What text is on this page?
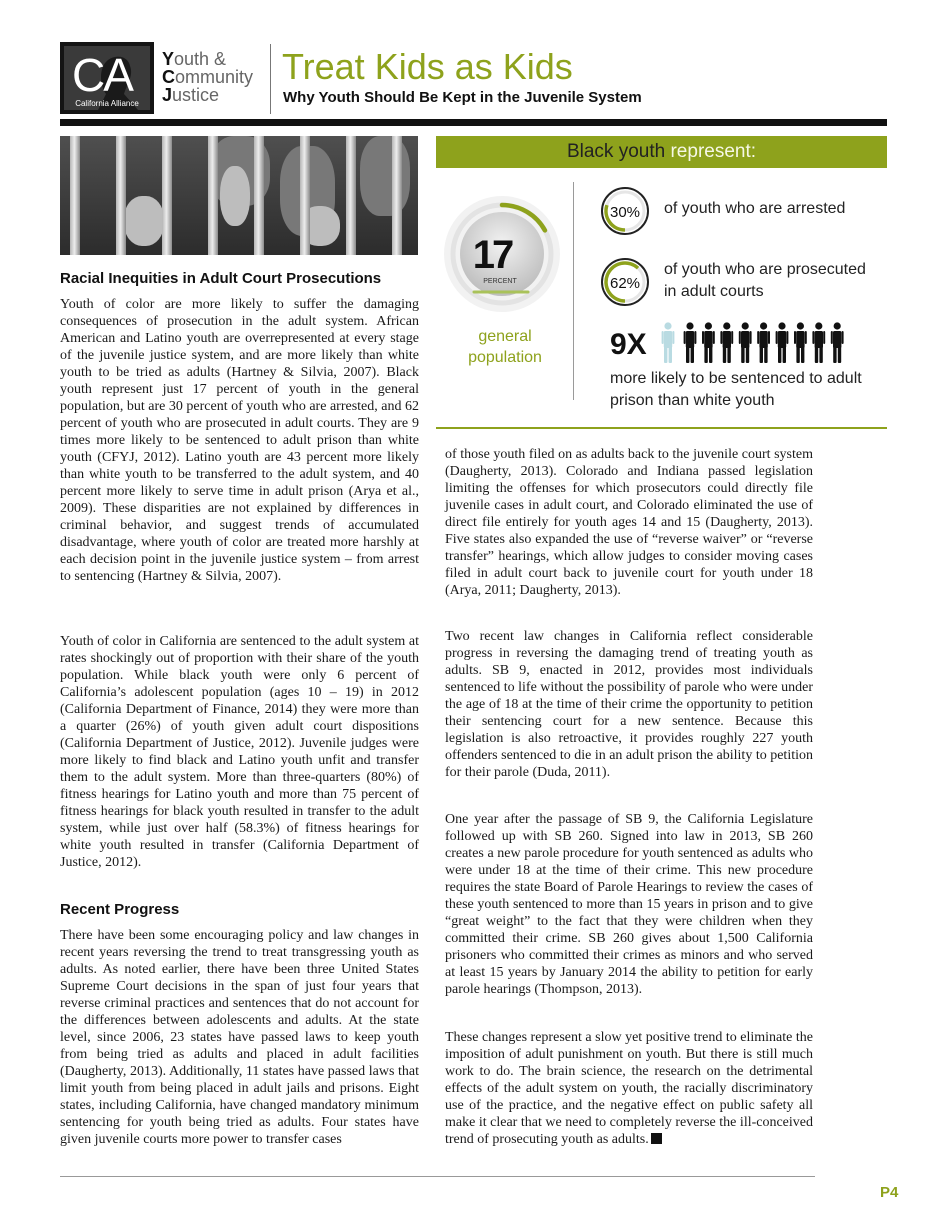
CA
California Alliance
Youth &
Community
Justice
Treat Kids as Kids
Why Youth Should Be Kept in the Juvenile System
Racial Inequities in Adult Court Prosecutions
Youth of color are more likely to suffer the damaging consequences of prosecution in the adult system. African American and Latino youth are overrepresented at every stage of the juvenile justice system, and are more likely than white youth to be tried as adults (Hartney & Silvia, 2007). Black youth represent just 17 percent of youth in the general population, but are 30 percent of youth who are arrested, and 62 percent of youth who are prosecuted in adult courts. They are 9 times more likely to be sentenced to adult prison than white youth (CFYJ, 2012). Latino youth are 43 percent more likely than white youth to be transferred to the adult system, and 40 percent more likely to serve time in adult prison (Arya et al., 2009). These disparities are not explained by differences in criminal behavior, and suggest trends of accumulated disadvantage, where youth of color are treated more harshly at each decision point in the juvenile justice system – from arrest to sentencing (Hartney & Silvia, 2007).
Youth of color in California are sentenced to the adult system at rates shockingly out of proportion with their share of the youth population. While black youth were only 6 percent of California’s adolescent population (ages 10 – 19) in 2012 (California Department of Finance, 2014) they were more than a quarter (26%) of youth given adult court dispositions (California Department of Justice, 2012). Juvenile judges were more likely to find black and Latino youth unfit and transfer them to the adult system. More than three-quarters (80%) of fitness hearings for Latino youth and more than 75 percent of fitness hearings for black youth resulted in transfer to the adult system, while just over half (58.3%) of fitness hearings for white youth resulted in transfer (California Department of Justice, 2012).
Recent Progress
There have been some encouraging policy and law changes in recent years reversing the trend to treat transgressing youth as adults. As noted earlier, there have been three United States Supreme Court decisions in the span of just four years that reverse criminal practices and sentences that do not account for the differences between adolescents and adults. At the state level, since 2006, 23 states have passed laws to keep youth from being tried as adults and placed in adult facilities (Daugherty, 2013). Additionally, 11 states have passed laws that limit youth from being placed in adult jails and prisons. Eight states, including California, have changed mandatory minimum sentencing for youth being tried as adults. Four states have given juvenile courts more power to transfer cases
Black youth represent:
17
PERCENT
general population
30% of youth who are arrested
62%
of youth who are prosecuted in adult courts
9X
more likely to be sentenced to adult prison than white youth
of those youth filed on as adults back to the juvenile court system (Daugherty, 2013). Colorado and Indiana passed legislation limiting the offenses for which prosecutors could directly file juvenile cases in adult court, and Colorado eliminated the use of direct file entirely for youth ages 14 and 15 (Daugherty, 2013). Five states also expanded the use of “reverse waiver” or “reverse transfer” hearings, which allow judges to consider moving cases filed in adult court back to juvenile court for youth under 18 (Arya, 2011; Daugherty, 2013).
Two recent law changes in California reflect considerable progress in reversing the damaging trend of treating youth as adults. SB 9, enacted in 2012, provides most individuals sentenced to life without the possibility of parole who were under the age of 18 at the time of their crime the opportunity to petition their sentencing court for a new sentence. Because this legislation is also retroactive, it provides roughly 227 youth offenders sentenced to die in an adult prison the ability to petition for their parole (Duda, 2011).
One year after the passage of SB 9, the California Legislature followed up with SB 260. Signed into law in 2013, SB 260 creates a new parole procedure for youth sentenced as adults who were under 18 at the time of their crime. This new procedure requires the state Board of Parole Hearings to review the cases of these youth sentenced to more than 15 years in prison and to give “great weight” to the fact that they were children when they committed their crime. SB 260 gives about 1,500 California prisoners who committed their crimes as minors and who served at least 15 years by January 2014 the ability to petition for early parole hearings (Thompson, 2013).
These changes represent a slow yet positive trend to eliminate the imposition of adult punishment on youth. But there is still much work to do. The brain science, the research on the detrimental effects of the adult system on youth, the racially discriminatory use of the practice, and the negative effect on public safety all make it clear that we need to completely reverse the ill-conceived trend of prosecuting youth as adults.
P4
